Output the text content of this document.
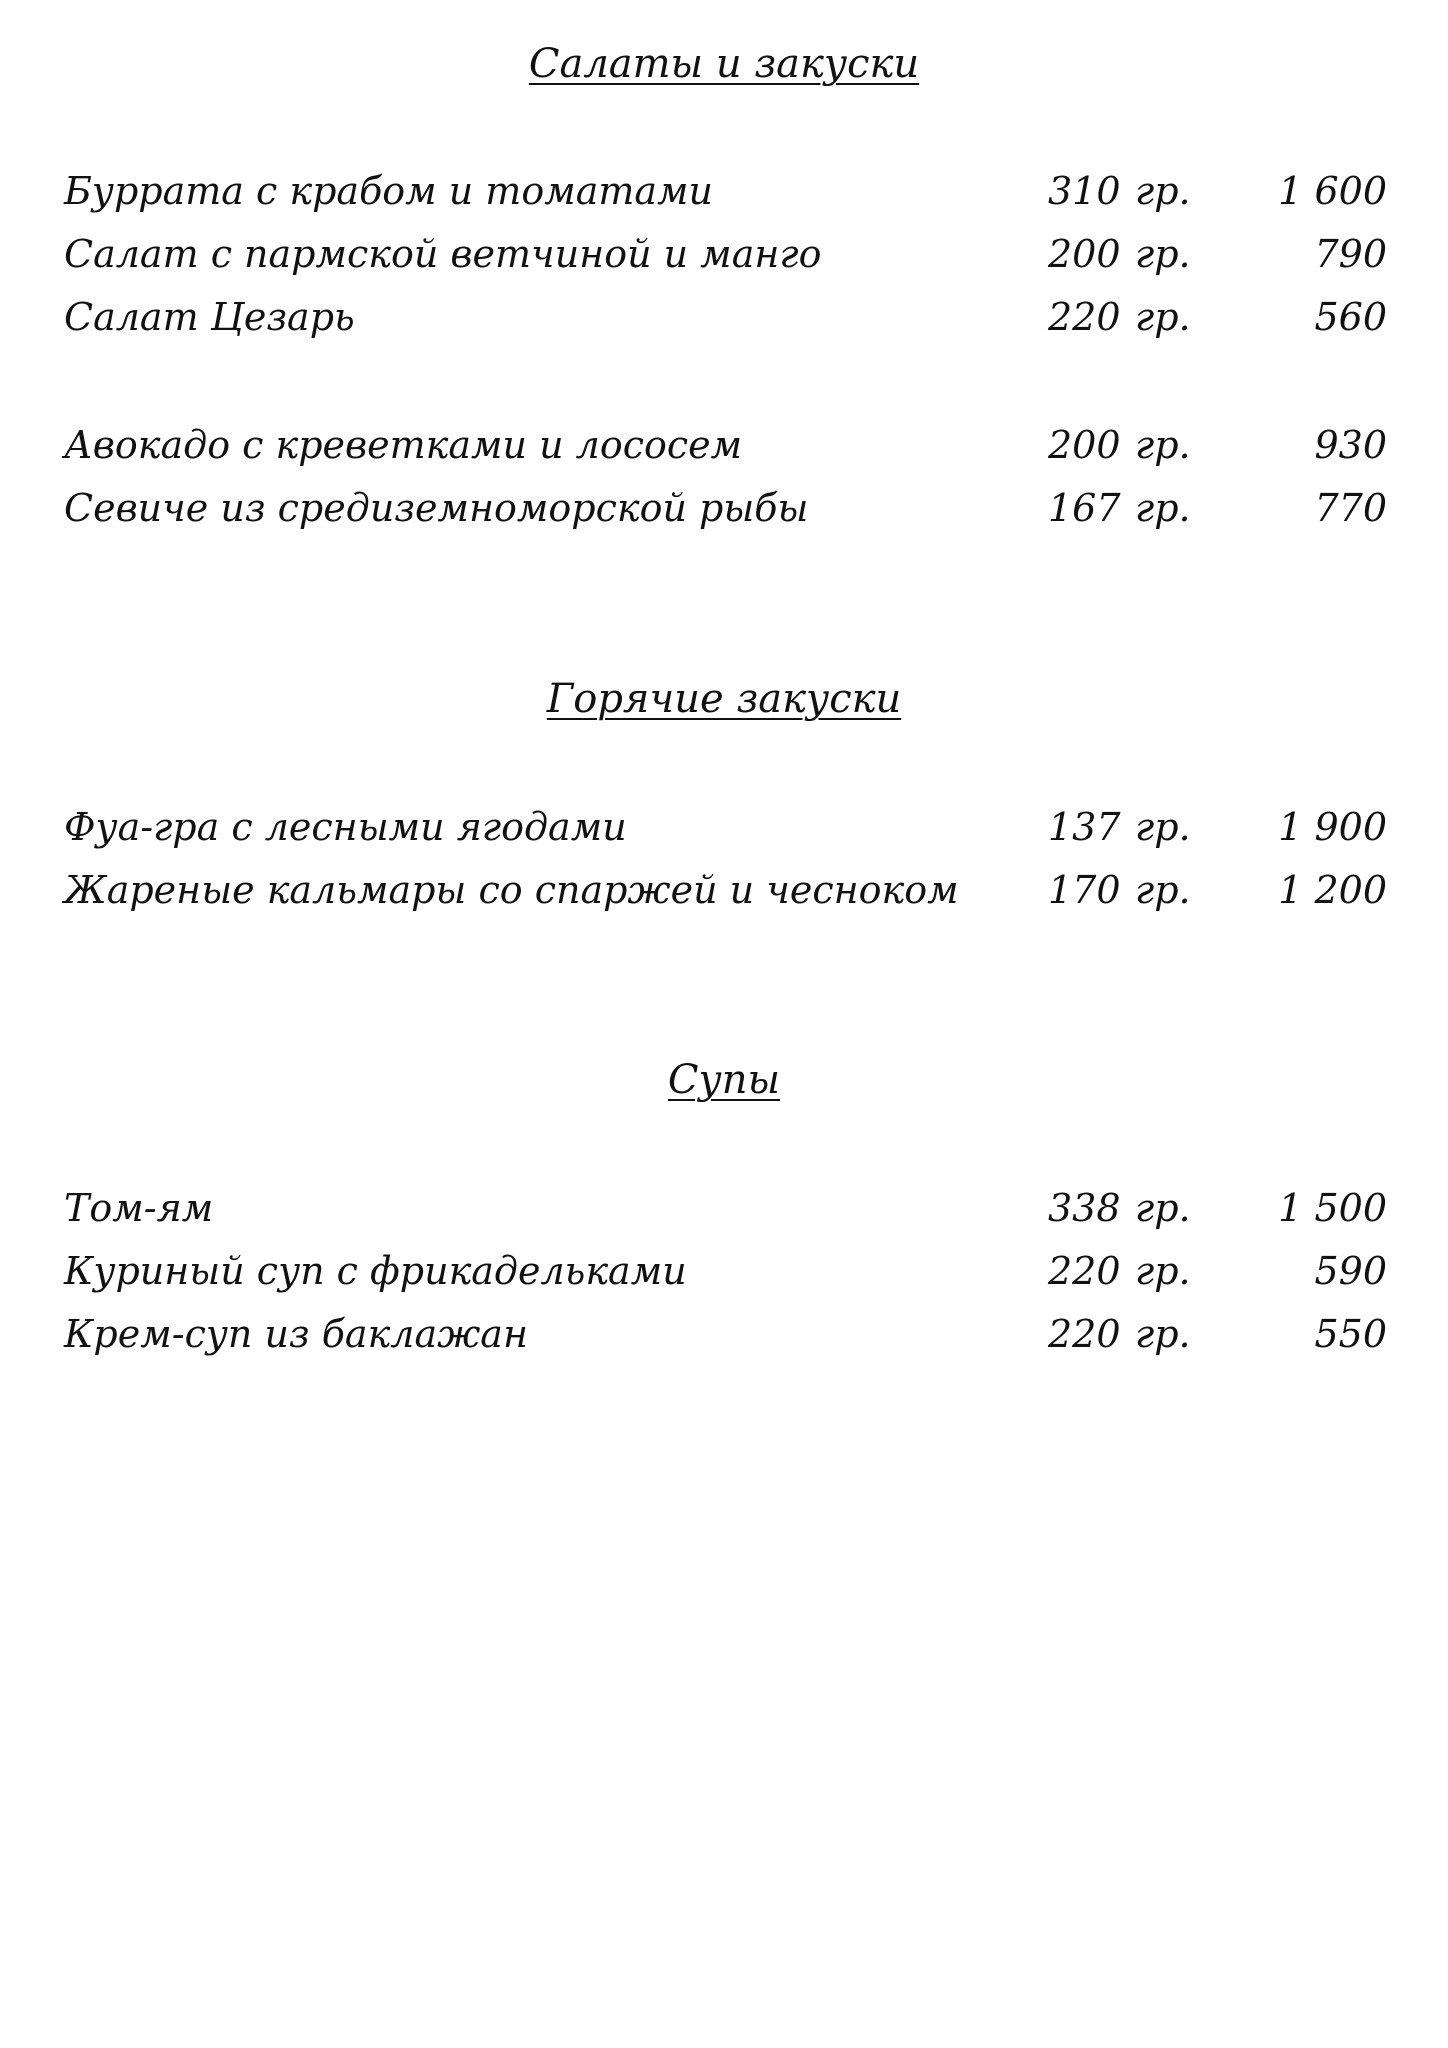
Салаты и закуски
Буррата с крабом и томатами	310 гр. 1 600
Салат с пармской ветчиной и манго	200 гр.	790
Салат Цезарь	220 гр.	560
Авокадо с креветками и лососем	200 гр.	930
Севиче из средиземноморской рыбы	167 гр.	770
Горячие закуски
Фуа-гра с лесными ягодами	137 гр. 1 900
Жареные кальмары со спаржей и чесноком 170 гр. 1 200
Супы
Том-ям	338 гр. 1 500
Куриный суп с фрикадельками	220 гр.	590
Крем-суп из баклажан	220 гр.	550
